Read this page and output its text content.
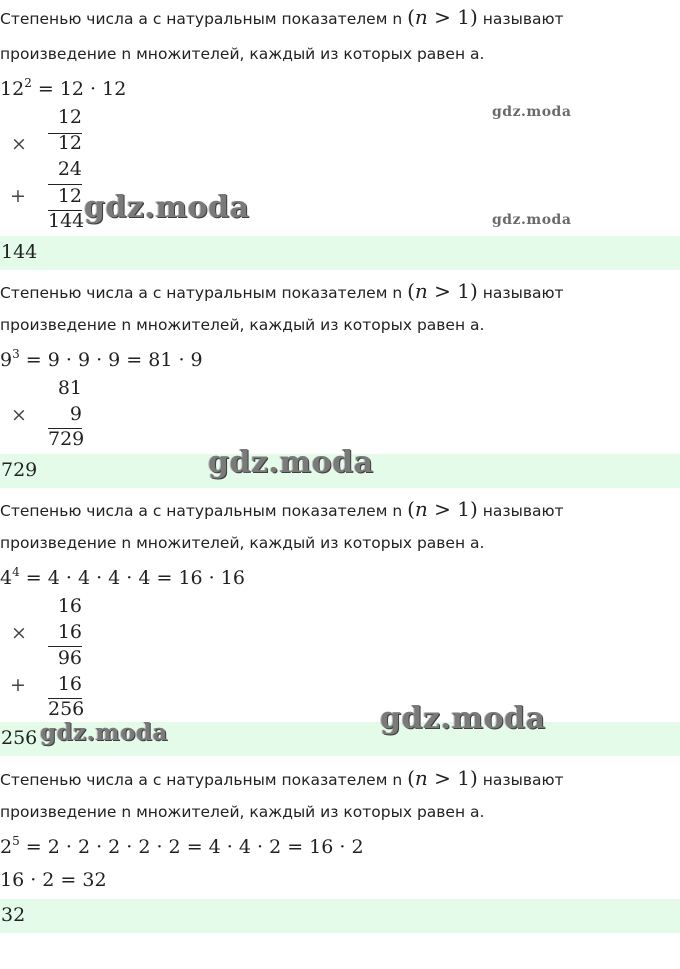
Степенью числа a с натуральным показателем n (n > 1) называют
произведение n множителей, каждый из которых равен a.
$12^2 = 12 \cdot 12$
12
×	12
24
+	12
144
144
Степенью числа a с натуральным показателем n (n > 1) называют
произведение n множителей, каждый из которых равен a.
$9^3 = 9 \cdot 9 \cdot 9 = 81 \cdot 9$
81
×	9
729
729
Степенью числа a с натуральным показателем n (n > 1) называют
произведение n множителей, каждый из которых равен a.
$4^4 = 4 \cdot 4 \cdot 4 \cdot 4 = 16 \cdot 16$
16
×	16
96
+	16
256
256
Степенью числа a с натуральным показателем n (n > 1) называют
произведение n множителей, каждый из которых равен a.
$2^5 = 2 \cdot 2 \cdot 2 \cdot 2 \cdot 2 = 4 \cdot 4 \cdot 2 = 16 \cdot 2$
16 · 2 = 32
32
gdz.moda
gdz.moda	gdz.moda
gdz.moda
gdz.moda
gdz.moda
